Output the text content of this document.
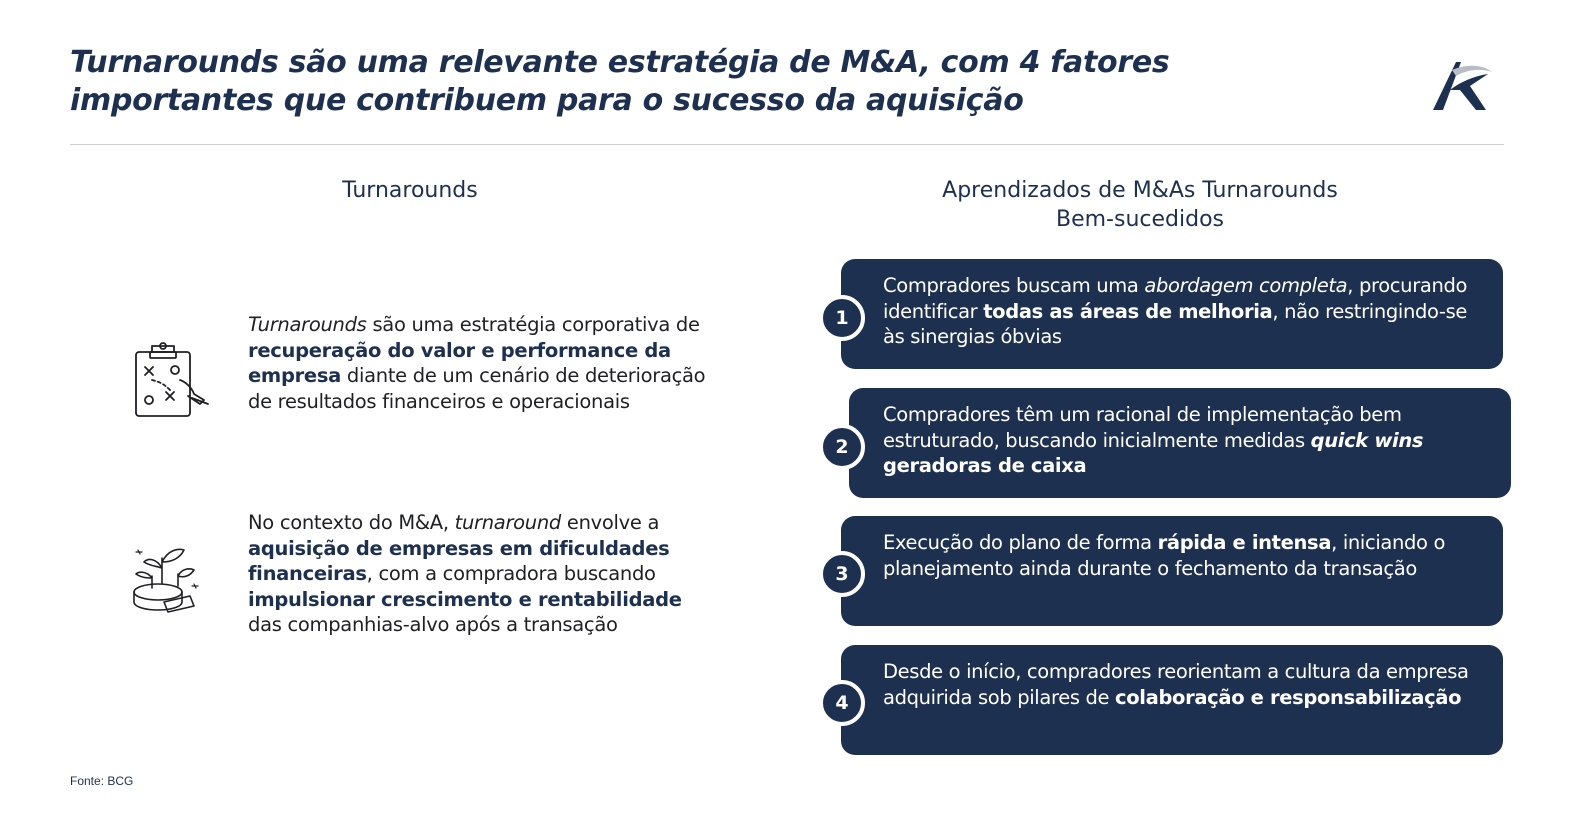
Turnarounds são uma relevante estratégia de M&A, com 4 fatores
importantes que contribuem para o sucesso da aquisição
Turnarounds	Aprendizados de M&As Turnarounds
Bem-sucedidos

Turnarounds são uma estratégia corporativa de recuperação do valor e performance da empresa diante de um cenário de deterioração de resultados financeiros e operacionais

No contexto do M&A, turnaround envolve a aquisição de empresas em dificuldades financeiras, com a compradora buscando impulsionar crescimento e rentabilidade das companhias-alvo após a transação

1

Compradores buscam uma abordagem completa, procurando identificar todas as áreas de melhoria, não restringindo-se às sinergias óbvias

2

Compradores têm um racional de implementação bem estruturado, buscando inicialmente medidas quick wins geradoras de caixa

3

Execução do plano de forma rápida e intensa, iniciando o planejamento ainda durante o fechamento da transação

4

Desde o início, compradores reorientam a cultura da empresa adquirida sob pilares de colaboração e responsabilização

Fonte: BCG
